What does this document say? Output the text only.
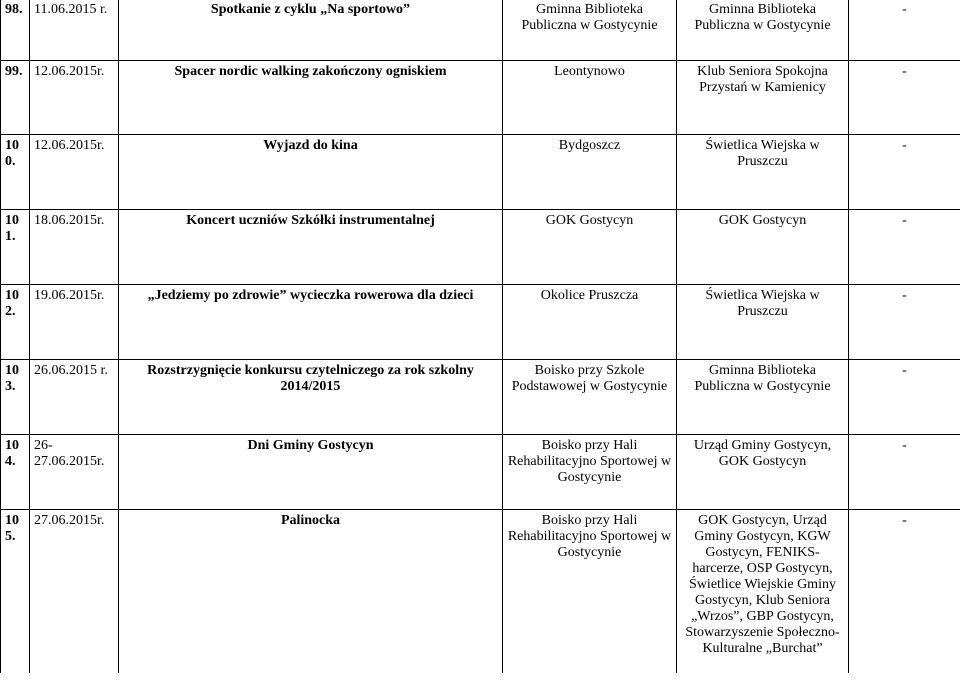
98.	11.06.2015 r.	Spotkanie z cyklu „Na sportowo”	Gminna Biblioteka Publiczna w Gostycynie	Gminna Biblioteka Publiczna w Gostycynie	-
99.	12.06.2015r.	Spacer nordic walking zakończony ogniskiem	Leontynowo	Klub Seniora Spokojna Przystań w Kamienicy	-
10 0.	12.06.2015r.	Wyjazd do kina	Bydgoszcz	Świetlica Wiejska w Pruszczu	-
10 1.	18.06.2015r.	Koncert uczniów Szkółki instrumentalnej	GOK Gostycyn	GOK Gostycyn	-
10 2.	19.06.2015r.	„Jedziemy po zdrowie” wycieczka rowerowa dla dzieci	Okolice Pruszcza	Świetlica Wiejska w Pruszczu	-
10 3.	26.06.2015 r.	Rozstrzygnięcie konkursu czytelniczego za rok szkolny 2014/2015	Boisko przy Szkole Podstawowej w Gostycynie	Gminna Biblioteka Publiczna w Gostycynie	-
10 4.	26- 27.06.2015r.	Dni Gminy Gostycyn	Boisko przy Hali Rehabilitacyjno Sportowej w Gostycynie	Urząd Gminy Gostycyn, GOK Gostycyn	-
10 5.	27.06.2015r.	Palinocka	Boisko przy Hali Rehabilitacyjno Sportowej w Gostycynie	GOK Gostycyn, Urząd Gminy Gostycyn, KGW Gostycyn, FENIKS- harcerze, OSP Gostycyn, Świetlice Wiejskie Gminy Gostycyn, Klub Seniora „Wrzos”, GBP Gostycyn, Stowarzyszenie Społeczno- Kulturalne „Burchat”	-
